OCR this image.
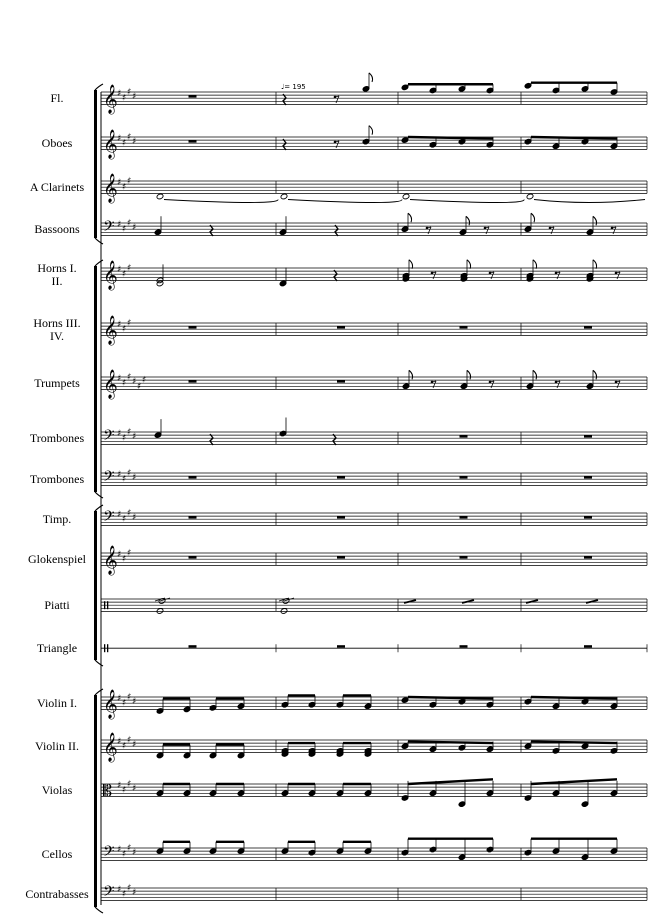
Fl.
Oboes
A Clarinets
Bassoons
Horns I.
II.
Horns III.
IV.
Trumpets
Trombones
Trombones
Timp.
Glokenspiel
Piatti
Triangle
Violin I.
Violin II.
Violas
Cellos
Contrabasses
♩= 195
𝄞 ♯ ♯
♯ ♯
𝄞 ♯ ♯
♯ ♯
𝄞 ♯ ♯
♯
𝄢 ♯ ♯
♯ ♯
𝄞 ♯ ♯
♯
𝄞 ♯ ♯
♯
𝄞 ♯ ♯
♯ ♯ ♯
♯
𝄢 ♯ ♯
♯ ♯
𝄢 ♯ ♯
♯ ♯
𝄢 ♯ ♯
♯ ♯
𝄞 ♯ ♯
♯
𝄞 ♯ ♯
♯ ♯
𝄞 ♯ ♯
♯ ♯
𝄡 ♯ ♯
♯ ♯
𝄢 ♯ ♯
♯ ♯
𝄢 ♯ ♯
♯ ♯
